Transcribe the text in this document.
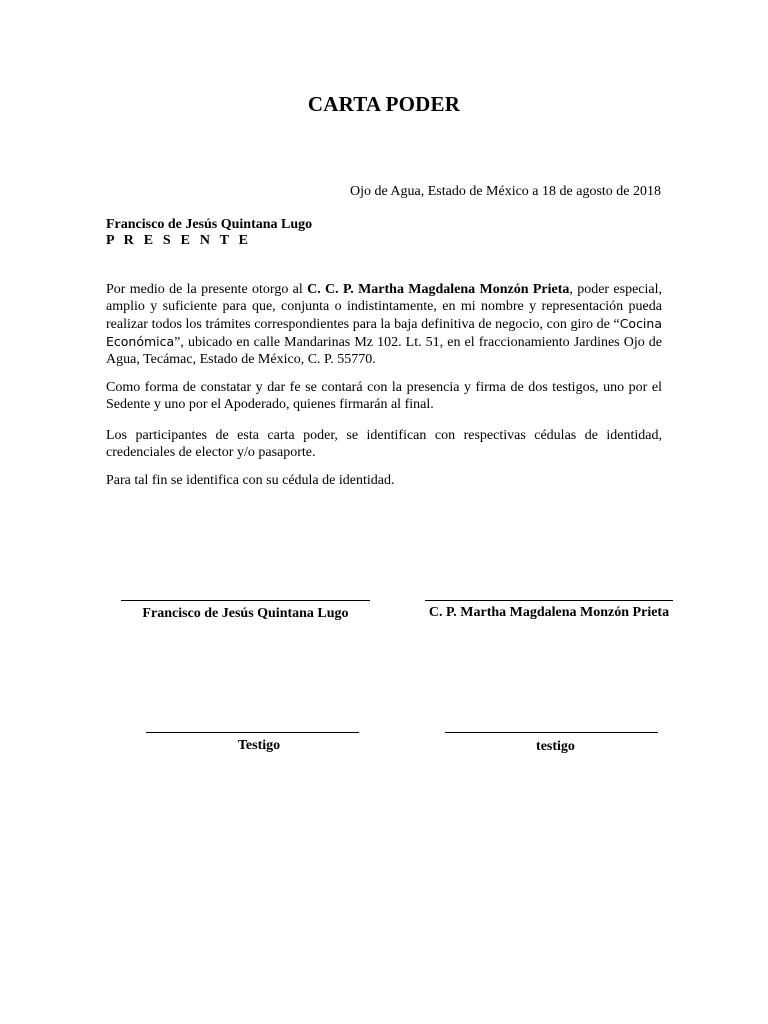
CARTA PODER
Ojo de Agua, Estado de México a 18 de agosto de 2018
Francisco de Jesús Quintana Lugo
P R E S E N T E

Por medio de la presente otorgo al C. C. P. Martha Magdalena Monzón Prieta, poder especial, amplio y suficiente para que, conjunta o indistintamente, en mi nombre y representación pueda realizar todos los trámites correspondientes para la baja definitiva de negocio, con giro de “Cocina Económica”, ubicado en calle Mandarinas Mz 102. Lt. 51, en el fraccionamiento Jardines Ojo de Agua, Tecámac, Estado de México, C. P. 55770.

Como forma de constatar y dar fe se contará con la presencia y firma de dos testigos, uno por el Sedente y uno por el Apoderado, quienes firmarán al final.

Los participantes de esta carta poder, se identifican con respectivas cédulas de identidad, credenciales de elector y/o pasaporte.

Para tal fin se identifica con su cédula de identidad.

Francisco de Jesús Quintana Lugo	C. P. Martha Magdalena Monzón Prieta
Testigo	testigo
